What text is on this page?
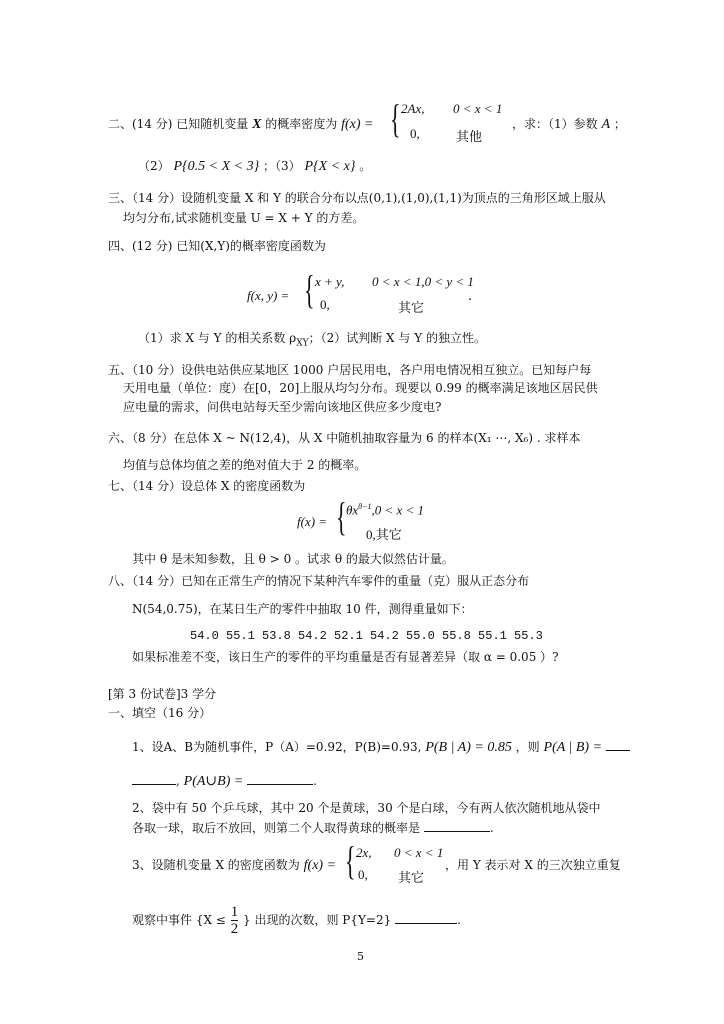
二、(14 分) 已知随机变量 X 的概率密度为 f(x) = { 2Ax, 0 < x < 1
0,	其他
，求：（1）参数 A ；
（2） P{0.5 < X < 3} ；（3） P{X < x} 。
三、（14 分）设随机变量 X 和 Y 的联合分布以点(0,1),(1,0),(1,1)为顶点的三角形区域上服从
均匀分布,试求随机变量 U = X + Y 的方差。
四、(12 分) 已知(X,Y)的概率密度函数为
f(x, y) = { x + y, 0 < x < 1,0 < y < 1
0,	其它
.
（1）求 X 与 Y 的相关系数 $\rho_{XY}$；（2）试判断 X 与 Y 的独立性。
五、（10 分）设供电站供应某地区 1000 户居民用电，各户用电情况相互独立。已知每户每
天用电量（单位：度）在[0，20]上服从均匀分布。现要以 0.99 的概率满足该地区居民供
应电量的需求，问供电站每天至少需向该地区供应多少度电?
六、（8 分）在总体 X ~ N(12,4)，从 X 中随机抽取容量为 6 的样本(X₁ ⋯, X₆) . 求样本
均值与总体均值之差的绝对值大于 2 的概率。
七、（14 分）设总体 X 的密度函数为
f(x) = { $\theta x^{\theta-1},0 < x < 1$
0,其它
其中 θ 是未知参数，且 θ > 0 。试求 θ 的最大似然估计量。
八、（14 分）已知在正常生产的情况下某种汽车零件的重量（克）服从正态分布
N(54,0.75)，在某日生产的零件中抽取 10 件，测得重量如下：
54.0 55.1 53.8 54.2 52.1 54.2 55.0 55.8 55.1 55.3
如果标准差不变，该日生产的零件的平均重量是否有显著差异（取 α = 0.05 ）?
[第 3 份试卷]3 学分
一、填空（16 分）
1、设A、B为随机事件，P（A）=0.92，P(B)=0.93, P(B | A) = 0.85 ，则 P(A | B) =
, P(A∪B) =	.
2、袋中有 50 个乒乓球，其中 20 个是黄球，30 个是白球，今有两人依次随机地从袋中
各取一球，取后不放回，则第二个人取得黄球的概率是	.
3、设随机变量 X 的密度函数为 f(x) = { 2x, 0 < x < 1
0, 其它
，用 Y 表示对 X 的三次独立重复
观察中事件 {$X \le \frac{1}{2}$ } 出现的次数，则 P{Y=2}	.
5
